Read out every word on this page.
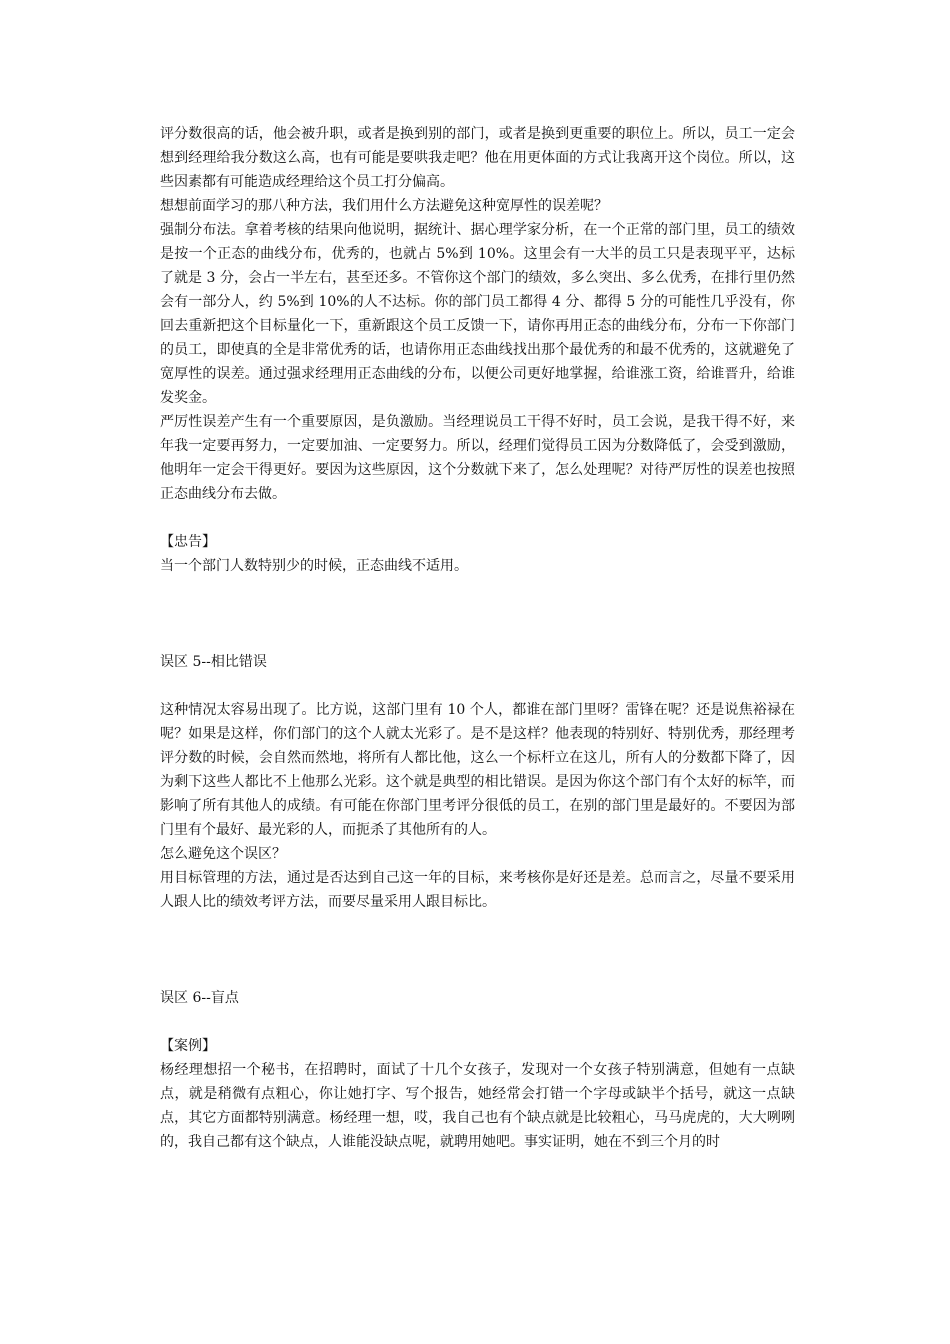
评分数很高的话，他会被升职，或者是换到别的部门，或者是换到更重要的职位上。所以，员工一定会想到经理给我分数这么高，也有可能是要哄我走吧？他在用更体面的方式让我离开这个岗位。所以，这些因素都有可能造成经理给这个员工打分偏高。

想想前面学习的那八种方法，我们用什么方法避免这种宽厚性的误差呢？

强制分布法。拿着考核的结果向他说明，据统计、据心理学家分析，在一个正常的部门里，员工的绩效是按一个正态的曲线分布，优秀的，也就占 5%到 10%。这里会有一大半的员工只是表现平平，达标了就是 3 分，会占一半左右，甚至还多。不管你这个部门的绩效，多么突出、多么优秀，在排行里仍然会有一部分人，约 5%到 10%的人不达标。你的部门员工都得 4 分、都得 5 分的可能性几乎没有，你回去重新把这个目标量化一下，重新跟这个员工反馈一下，请你再用正态的曲线分布，分布一下你部门的员工，即使真的全是非常优秀的话，也请你用正态曲线找出那个最优秀的和最不优秀的，这就避免了宽厚性的误差。通过强求经理用正态曲线的分布，以便公司更好地掌握，给谁涨工资，给谁晋升，给谁发奖金。

严厉性误差产生有一个重要原因，是负激励。当经理说员工干得不好时，员工会说，是我干得不好，来年我一定要再努力，一定要加油、一定要努力。所以，经理们觉得员工因为分数降低了，会受到激励，他明年一定会干得更好。要因为这些原因，这个分数就下来了，怎么处理呢？对待严厉性的误差也按照正态曲线分布去做。

【忠告】

当一个部门人数特别少的时候，正态曲线不适用。

误区 5--相比错误

这种情况太容易出现了。比方说，这部门里有 10 个人，都谁在部门里呀？雷锋在呢？还是说焦裕禄在呢？如果是这样，你们部门的这个人就太光彩了。是不是这样？他表现的特别好、特别优秀，那经理考评分数的时候，会自然而然地，将所有人都比他，这么一个标杆立在这儿，所有人的分数都下降了，因为剩下这些人都比不上他那么光彩。这个就是典型的相比错误。是因为你这个部门有个太好的标竿，而影响了所有其他人的成绩。有可能在你部门里考评分很低的员工，在别的部门里是最好的。不要因为部门里有个最好、最光彩的人，而扼杀了其他所有的人。

怎么避免这个误区？

用目标管理的方法，通过是否达到自己这一年的目标，来考核你是好还是差。总而言之，尽量不要采用人跟人比的绩效考评方法，而要尽量采用人跟目标比。

误区 6--盲点

【案例】

杨经理想招一个秘书，在招聘时，面试了十几个女孩子，发现对一个女孩子特别满意，但她有一点缺点，就是稍微有点粗心，你让她打字、写个报告，她经常会打错一个字母或缺半个括号，就这一点缺点，其它方面都特别满意。杨经理一想，哎，我自己也有个缺点就是比较粗心，马马虎虎的，大大咧咧的，我自己都有这个缺点，人谁能没缺点呢，就聘用她吧。事实证明，她在不到三个月的时
